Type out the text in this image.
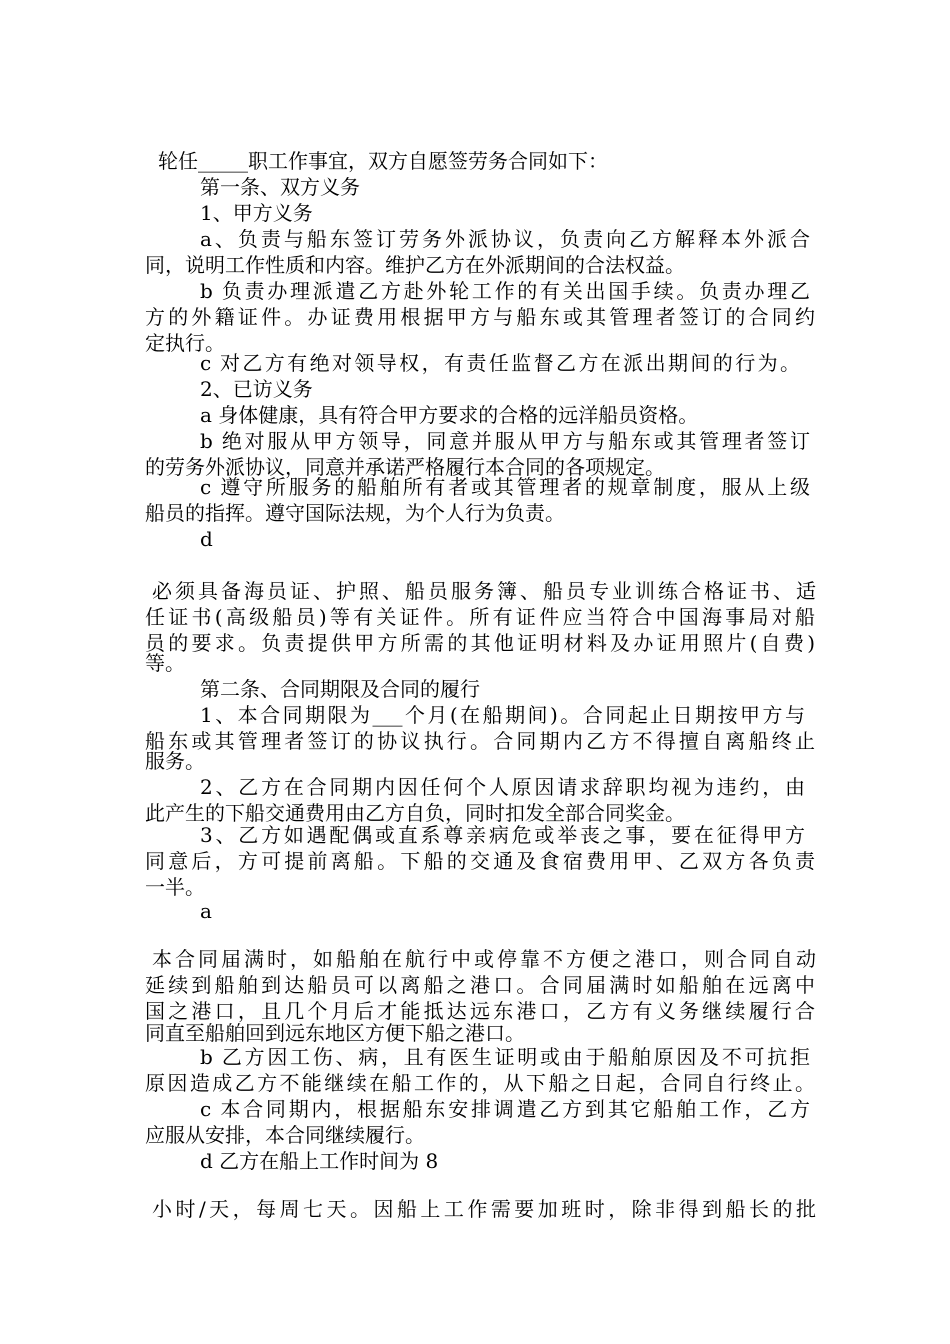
轮任_____职工作事宜，双方自愿签劳务合同如下：
第一条、双方义务
1、甲方义务
a、负责与船东签订劳务外派协议，负责向乙方解释本外派合
同，说明工作性质和内容。维护乙方在外派期间的合法权益。
b 负责办理派遣乙方赴外轮工作的有关出国手续。负责办理乙
方的外籍证件。办证费用根据甲方与船东或其管理者签订的合同约
定执行。
c 对乙方有绝对领导权，有责任监督乙方在派出期间的行为。
2、已访义务
a 身体健康，具有符合甲方要求的合格的远洋船员资格。
b 绝对服从甲方领导，同意并服从甲方与船东或其管理者签订
的劳务外派协议，同意并承诺严格履行本合同的各项规定。
c 遵守所服务的船舶所有者或其管理者的规章制度，服从上级
船员的指挥。遵守国际法规，为个人行为负责。
d
必须具备海员证、护照、船员服务簿、船员专业训练合格证书、适
任证书(高级船员)等有关证件。所有证件应当符合中国海事局对船
员的要求。负责提供甲方所需的其他证明材料及办证用照片(自费)
等。
第二条、合同期限及合同的履行
1、本合同期限为___个月(在船期间)。合同起止日期按甲方与
船东或其管理者签订的协议执行。合同期内乙方不得擅自离船终止
服务。
2、乙方在合同期内因任何个人原因请求辞职均视为违约，由
此产生的下船交通费用由乙方自负，同时扣发全部合同奖金。
3、乙方如遇配偶或直系尊亲病危或举丧之事，要在征得甲方
同意后，方可提前离船。下船的交通及食宿费用甲、乙双方各负责
一半。
a
本合同届满时，如船舶在航行中或停靠不方便之港口，则合同自动
延续到船舶到达船员可以离船之港口。合同届满时如船舶在远离中
国之港口，且几个月后才能抵达远东港口，乙方有义务继续履行合
同直至船舶回到远东地区方便下船之港口。
b 乙方因工伤、病，且有医生证明或由于船舶原因及不可抗拒
原因造成乙方不能继续在船工作的，从下船之日起，合同自行终止。
c 本合同期内，根据船东安排调遣乙方到其它船舶工作，乙方
应服从安排，本合同继续履行。
d 乙方在船上工作时间为 8
小时/天，每周七天。因船上工作需要加班时，除非得到船长的批
